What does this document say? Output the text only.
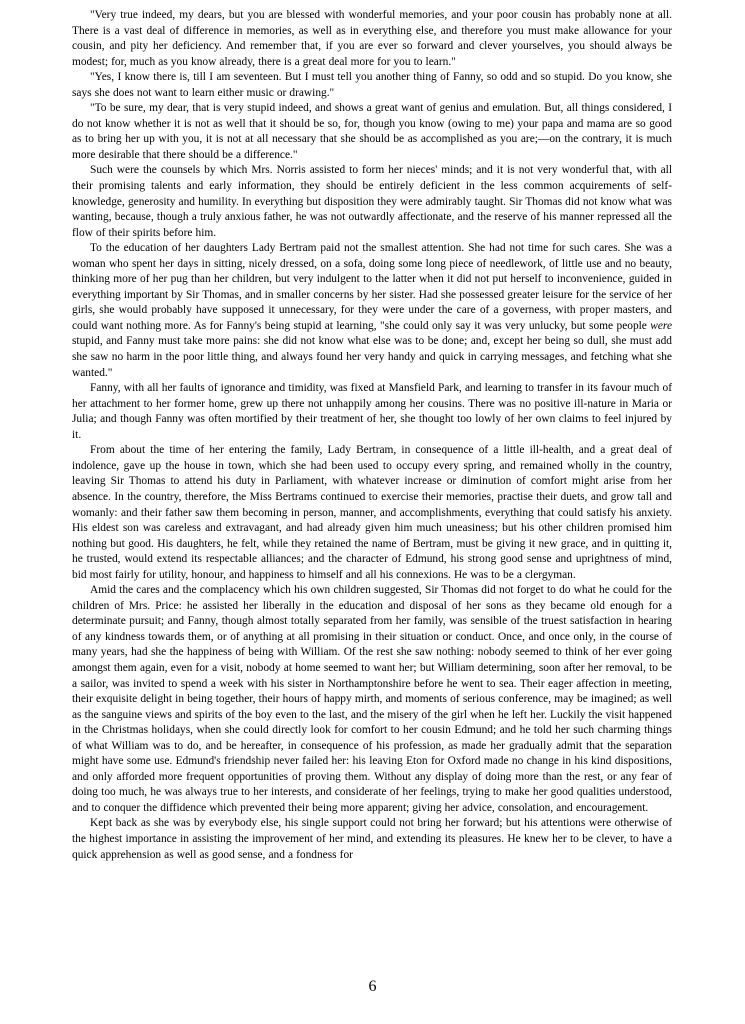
"Very true indeed, my dears, but you are blessed with wonderful memories, and your poor cousin has probably none at all. There is a vast deal of difference in memories, as well as in everything else, and therefore you must make allowance for your cousin, and pity her deficiency. And remember that, if you are ever so forward and clever yourselves, you should always be modest; for, much as you know already, there is a great deal more for you to learn."

"Yes, I know there is, till I am seventeen. But I must tell you another thing of Fanny, so odd and so stupid. Do you know, she says she does not want to learn either music or drawing."

"To be sure, my dear, that is very stupid indeed, and shows a great want of genius and emulation. But, all things considered, I do not know whether it is not as well that it should be so, for, though you know (owing to me) your papa and mama are so good as to bring her up with you, it is not at all necessary that she should be as accomplished as you are;—on the contrary, it is much more desirable that there should be a difference."

Such were the counsels by which Mrs. Norris assisted to form her nieces' minds; and it is not very wonderful that, with all their promising talents and early information, they should be entirely deficient in the less common acquirements of self-knowledge, generosity and humility. In everything but disposition they were admirably taught. Sir Thomas did not know what was wanting, because, though a truly anxious father, he was not outwardly affectionate, and the reserve of his manner repressed all the flow of their spirits before him.

To the education of her daughters Lady Bertram paid not the smallest attention. She had not time for such cares. She was a woman who spent her days in sitting, nicely dressed, on a sofa, doing some long piece of needlework, of little use and no beauty, thinking more of her pug than her children, but very indulgent to the latter when it did not put herself to inconvenience, guided in everything important by Sir Thomas, and in smaller concerns by her sister. Had she possessed greater leisure for the service of her girls, she would probably have supposed it unnecessary, for they were under the care of a governess, with proper masters, and could want nothing more. As for Fanny's being stupid at learning, "she could only say it was very unlucky, but some people were stupid, and Fanny must take more pains: she did not know what else was to be done; and, except her being so dull, she must add she saw no harm in the poor little thing, and always found her very handy and quick in carrying messages, and fetching what she wanted."

Fanny, with all her faults of ignorance and timidity, was fixed at Mansfield Park, and learning to transfer in its favour much of her attachment to her former home, grew up there not unhappily among her cousins. There was no positive ill-nature in Maria or Julia; and though Fanny was often mortified by their treatment of her, she thought too lowly of her own claims to feel injured by it.

From about the time of her entering the family, Lady Bertram, in consequence of a little ill-health, and a great deal of indolence, gave up the house in town, which she had been used to occupy every spring, and remained wholly in the country, leaving Sir Thomas to attend his duty in Parliament, with whatever increase or diminution of comfort might arise from her absence. In the country, therefore, the Miss Bertrams continued to exercise their memories, practise their duets, and grow tall and womanly: and their father saw them becoming in person, manner, and accomplishments, everything that could satisfy his anxiety. His eldest son was careless and extravagant, and had already given him much uneasiness; but his other children promised him nothing but good. His daughters, he felt, while they retained the name of Bertram, must be giving it new grace, and in quitting it, he trusted, would extend its respectable alliances; and the character of Edmund, his strong good sense and uprightness of mind, bid most fairly for utility, honour, and happiness to himself and all his connexions. He was to be a clergyman.

Amid the cares and the complacency which his own children suggested, Sir Thomas did not forget to do what he could for the children of Mrs. Price: he assisted her liberally in the education and disposal of her sons as they became old enough for a determinate pursuit; and Fanny, though almost totally separated from her family, was sensible of the truest satisfaction in hearing of any kindness towards them, or of anything at all promising in their situation or conduct. Once, and once only, in the course of many years, had she the happiness of being with William. Of the rest she saw nothing: nobody seemed to think of her ever going amongst them again, even for a visit, nobody at home seemed to want her; but William determining, soon after her removal, to be a sailor, was invited to spend a week with his sister in Northamptonshire before he went to sea. Their eager affection in meeting, their exquisite delight in being together, their hours of happy mirth, and moments of serious conference, may be imagined; as well as the sanguine views and spirits of the boy even to the last, and the misery of the girl when he left her. Luckily the visit happened in the Christmas holidays, when she could directly look for comfort to her cousin Edmund; and he told her such charming things of what William was to do, and be hereafter, in consequence of his profession, as made her gradually admit that the separation might have some use. Edmund's friendship never failed her: his leaving Eton for Oxford made no change in his kind dispositions, and only afforded more frequent opportunities of proving them. Without any display of doing more than the rest, or any fear of doing too much, he was always true to her interests, and considerate of her feelings, trying to make her good qualities understood, and to conquer the diffidence which prevented their being more apparent; giving her advice, consolation, and encouragement.

Kept back as she was by everybody else, his single support could not bring her forward; but his attentions were otherwise of the highest importance in assisting the improvement of her mind, and extending its pleasures. He knew her to be clever, to have a quick apprehension as well as good sense, and a fondness for

6
